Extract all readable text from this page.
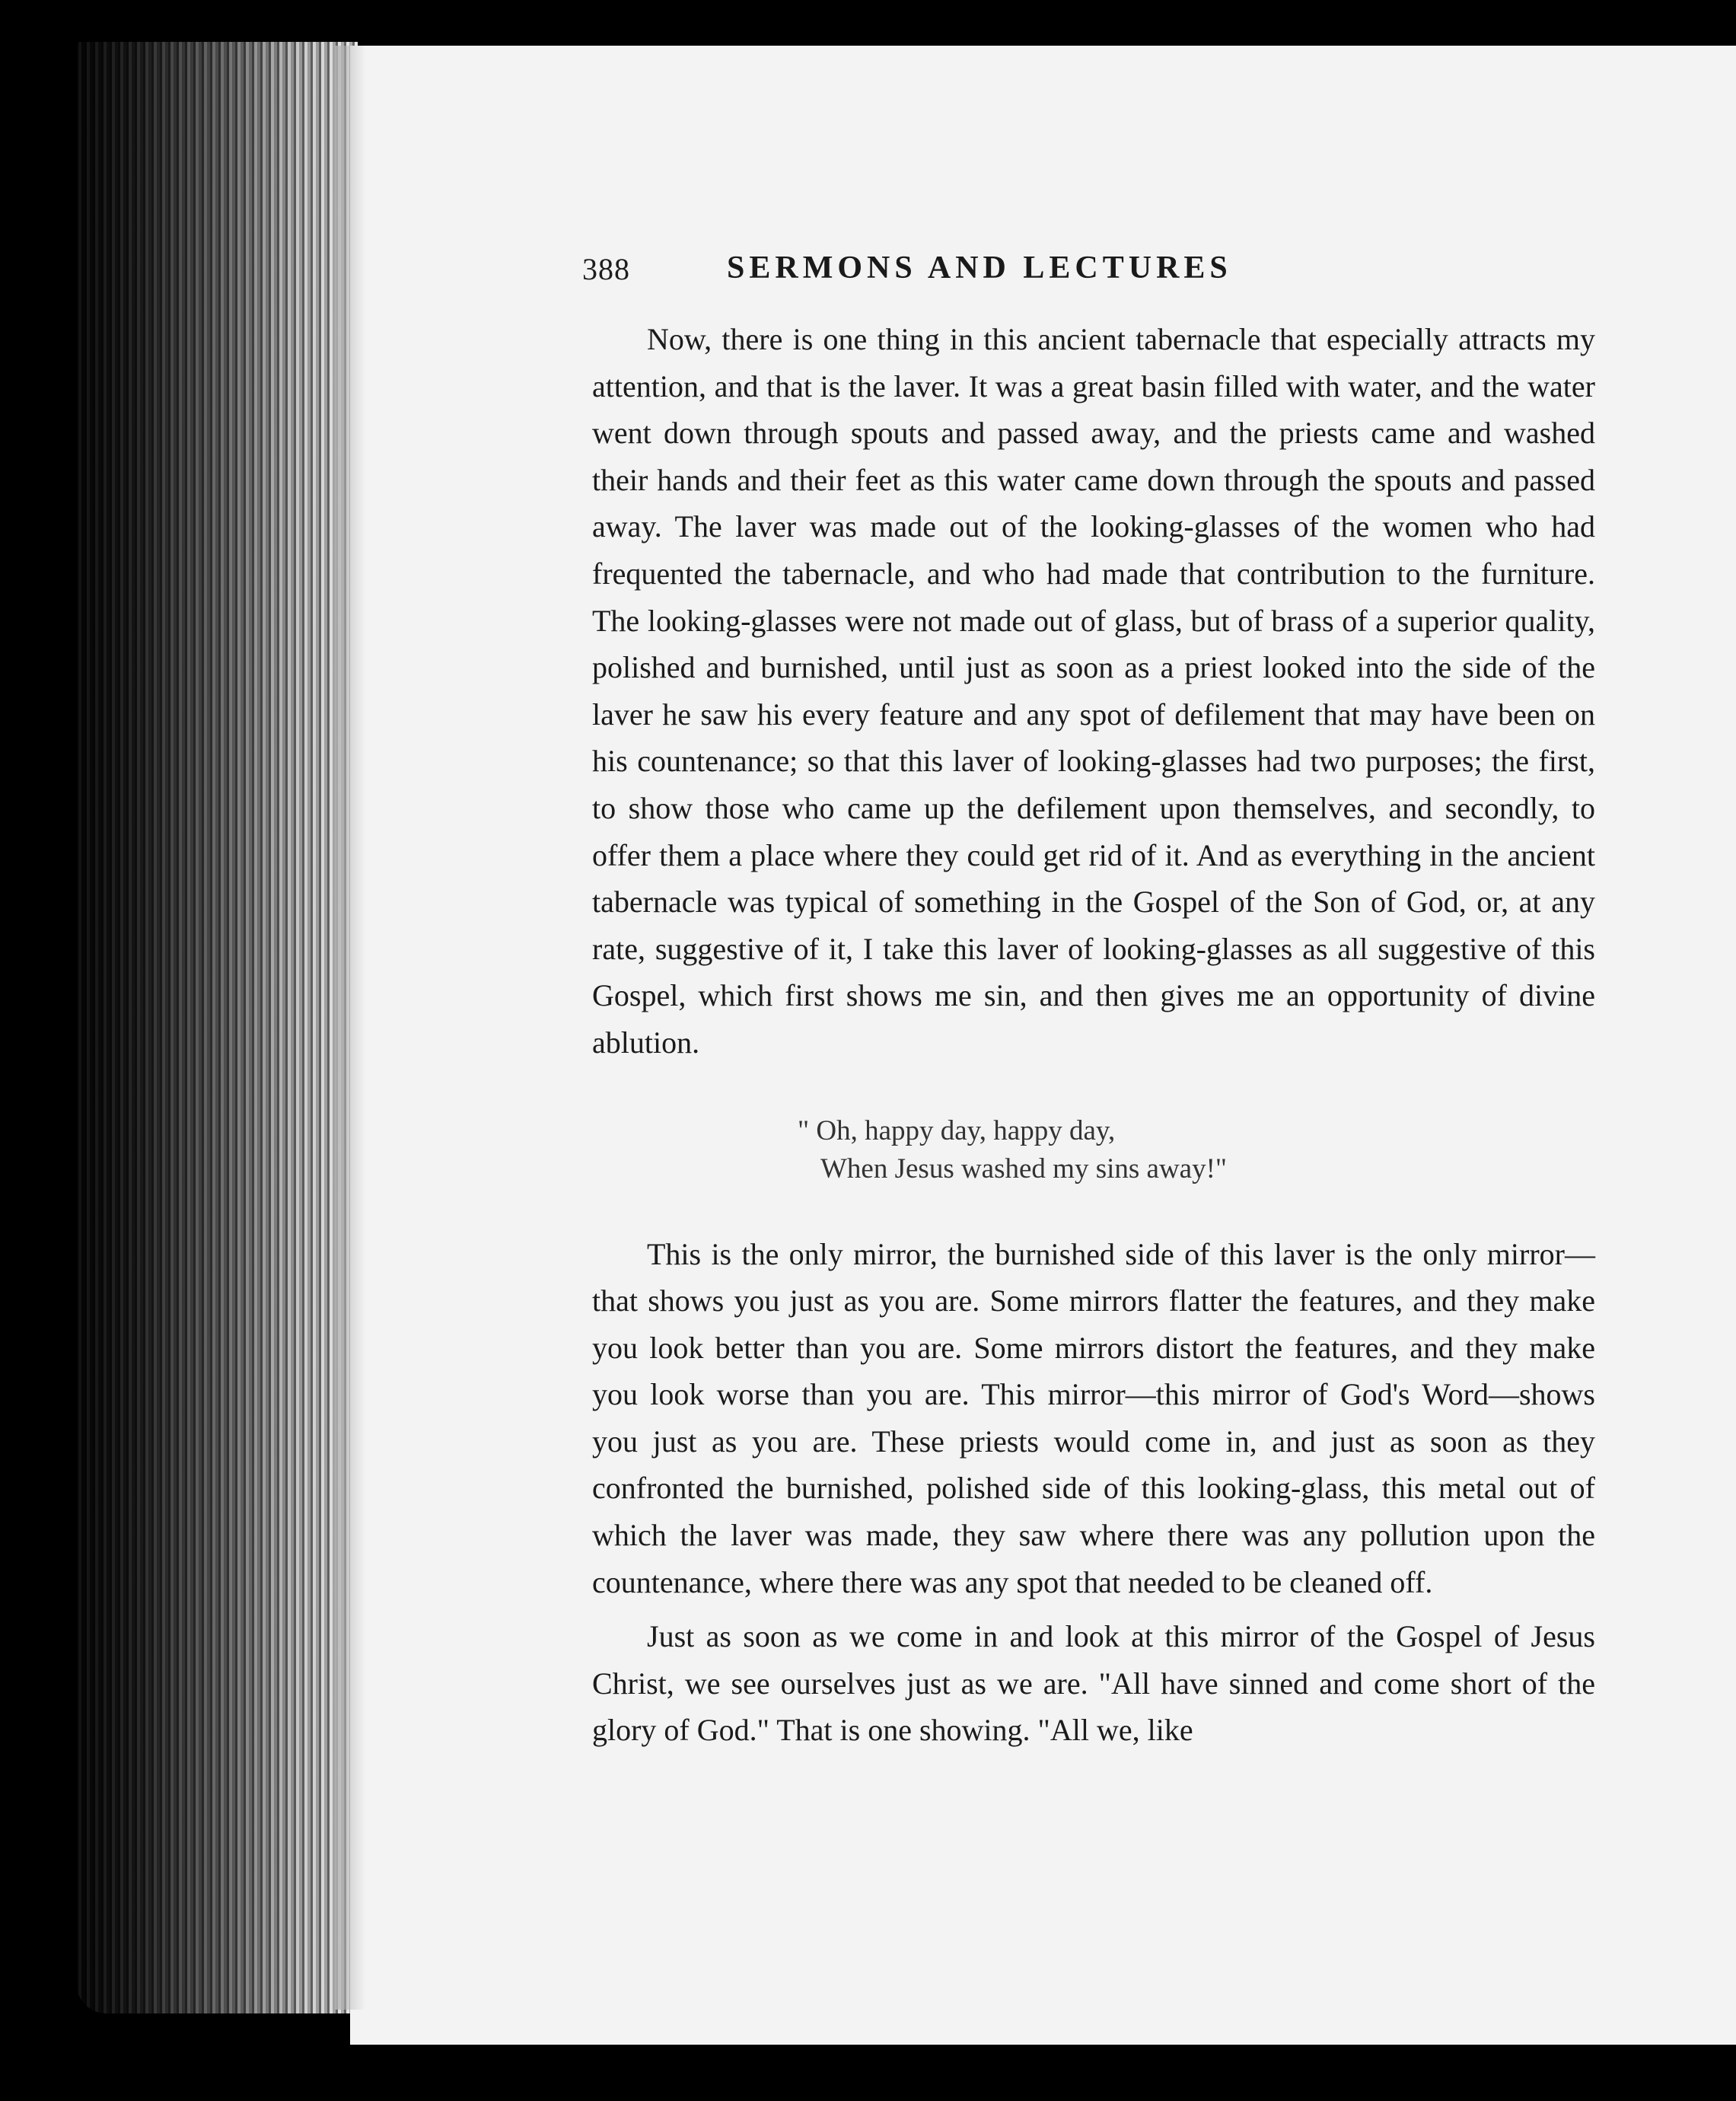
388	SERMONS AND LECTURES

Now, there is one thing in this ancient tabernacle that especially attracts my attention, and that is the laver. It was a great basin filled with water, and the water went down through spouts and passed away, and the priests came and washed their hands and their feet as this water came down through the spouts and passed away. The laver was made out of the looking-glasses of the women who had frequented the tabernacle, and who had made that contribution to the furniture. The looking-glasses were not made out of glass, but of brass of a superior quality, polished and burnished, until just as soon as a priest looked into the side of the laver he saw his every feature and any spot of defilement that may have been on his countenance; so that this laver of looking-glasses had two purposes; the first, to show those who came up the defilement upon themselves, and secondly, to offer them a place where they could get rid of it. And as everything in the ancient tabernacle was typical of something in the Gospel of the Son of God, or, at any rate, suggestive of it, I take this laver of looking-glasses as all suggestive of this Gospel, which first shows me sin, and then gives me an opportunity of divine ablution.

" Oh, happy day, happy day,
When Jesus washed my sins away!"

This is the only mirror, the burnished side of this laver is the only mirror—that shows you just as you are. Some mirrors flatter the features, and they make you look better than you are. Some mirrors distort the features, and they make you look worse than you are. This mirror—this mirror of God's Word—shows you just as you are. These priests would come in, and just as soon as they confronted the burnished, polished side of this looking-glass, this metal out of which the laver was made, they saw where there was any pollution upon the countenance, where there was any spot that needed to be cleaned off.

Just as soon as we come in and look at this mirror of the Gospel of Jesus Christ, we see ourselves just as we are. "All have sinned and come short of the glory of God." That is one showing. "All we, like
